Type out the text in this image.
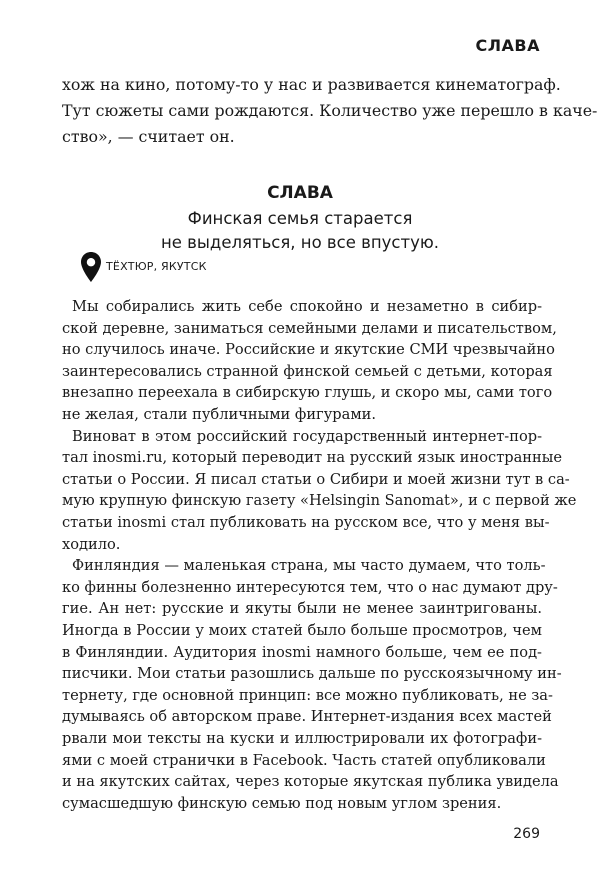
СЛАВА
хож на кино, потому-то у нас и развивается кинематограф.
Тут сюжеты сами рождаются. Количество уже перешло в каче-
ство», — считает он.
СЛАВА
Финская семья старается
не выделяться, но все впустую.
ТЁХТЮР, ЯКУТСК
Мы собирались жить себе спокойно и незаметно в сибир-
ской деревне, заниматься семейными делами и писательством,
но случилось иначе. Российские и якутские СМИ чрезвычайно
заинтересовались странной финской семьей с детьми, которая
внезапно переехала в сибирскую глушь, и скоро мы, сами того
не желая, стали публичными фигурами.
Виноват в этом российский государственный интернет-пор-
тал inosmi.ru, который переводит на русский язык иностранные
статьи о России. Я писал статьи о Сибири и моей жизни тут в са-
мую крупную финскую газету «Helsingin Sanomat», и с первой же
статьи inosmi стал публиковать на русском все, что у меня вы-
ходило.
Финляндия — маленькая страна, мы часто думаем, что толь-
ко финны болезненно интересуются тем, что о нас думают дру-
гие. Ан нет: русские и якуты были не менее заинтригованы.
Иногда в России у моих статей было больше просмотров, чем
в Финляндии. Аудитория inosmi намного больше, чем ее под-
писчики. Мои статьи разошлись дальше по русскоязычному ин-
тернету, где основной принцип: все можно публиковать, не за-
думываясь об авторском праве. Интернет-издания всех мастей
рвали мои тексты на куски и иллюстрировали их фотографи-
ями с моей странички в Facebook. Часть статей опубликовали
и на якутских сайтах, через которые якутская публика увидела
сумасшедшую финскую семью под новым углом зрения.
269
